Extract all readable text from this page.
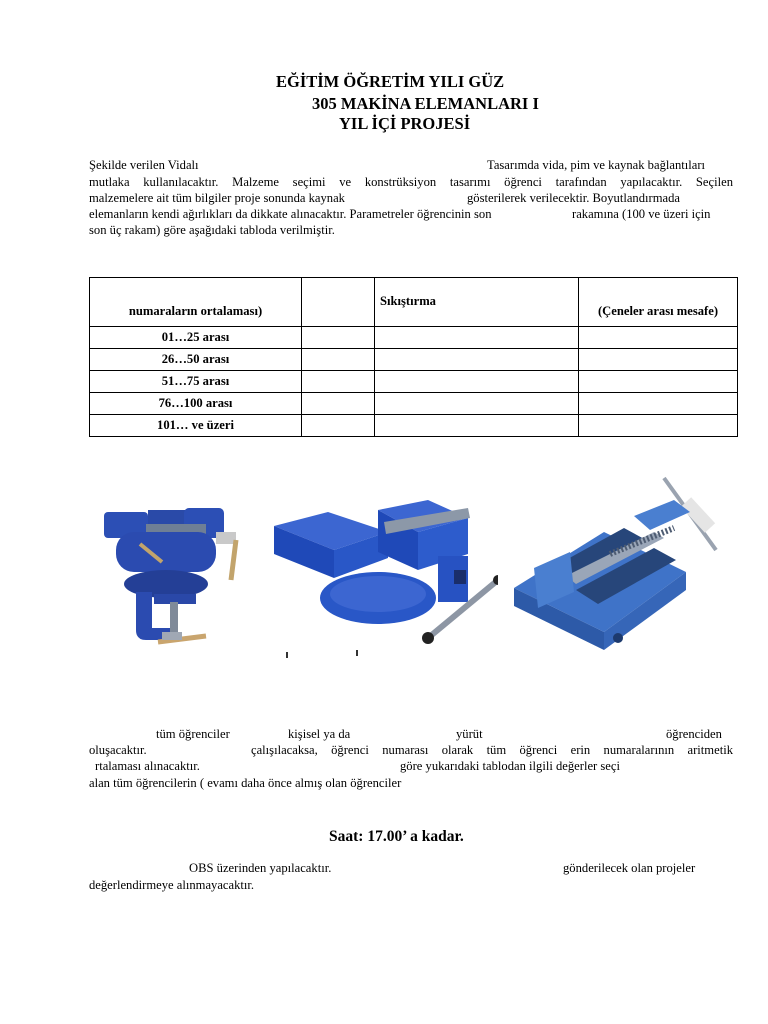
EĞİTİM ÖĞRETİM YILI GÜZ
305 MAKİNA ELEMANLARI I
YIL İÇİ PROJESİ
Şekilde verilen Vidalı	Tasarımda vida, pim ve kaynak bağlantıları
mutlaka kullanılacaktır. Malzeme seçimi ve konstrüksiyon tasarımı öğrenci tarafından yapılacaktır. Seçilen
malzemelere ait tüm bilgiler proje sonunda kaynak	gösterilerek verilecektir. Boyutlandırmada
elemanların kendi ağırlıkları da dikkate alınacaktır. Parametreler öğrencinin son	rakamına (100 ve üzeri için
son üç rakam) göre aşağıdaki tabloda verilmiştir.
numaraların ortalaması)		Sıkıştırma	(Çeneler arası mesafe)
01…25 arası			
26…50 arası			
51…75 arası			
76…100 arası			
101… ve üzeri			
tüm öğrenciler	kişisel ya da	yürüt	öğrenciden
oluşacaktır.	çalışılacaksa, öğrenci numarası olarak tüm öğrenci erin numaralarının aritmetik
rtalaması alınacaktır.	göre yukarıdaki tablodan ilgili değerler seçi
alan tüm öğrencilerin ( evamı daha önce almış olan öğrenciler
Saat: 17.00’ a kadar.
OBS üzerinden yapılacaktır.	gönderilecek olan projeler
değerlendirmeye alınmayacaktır.
